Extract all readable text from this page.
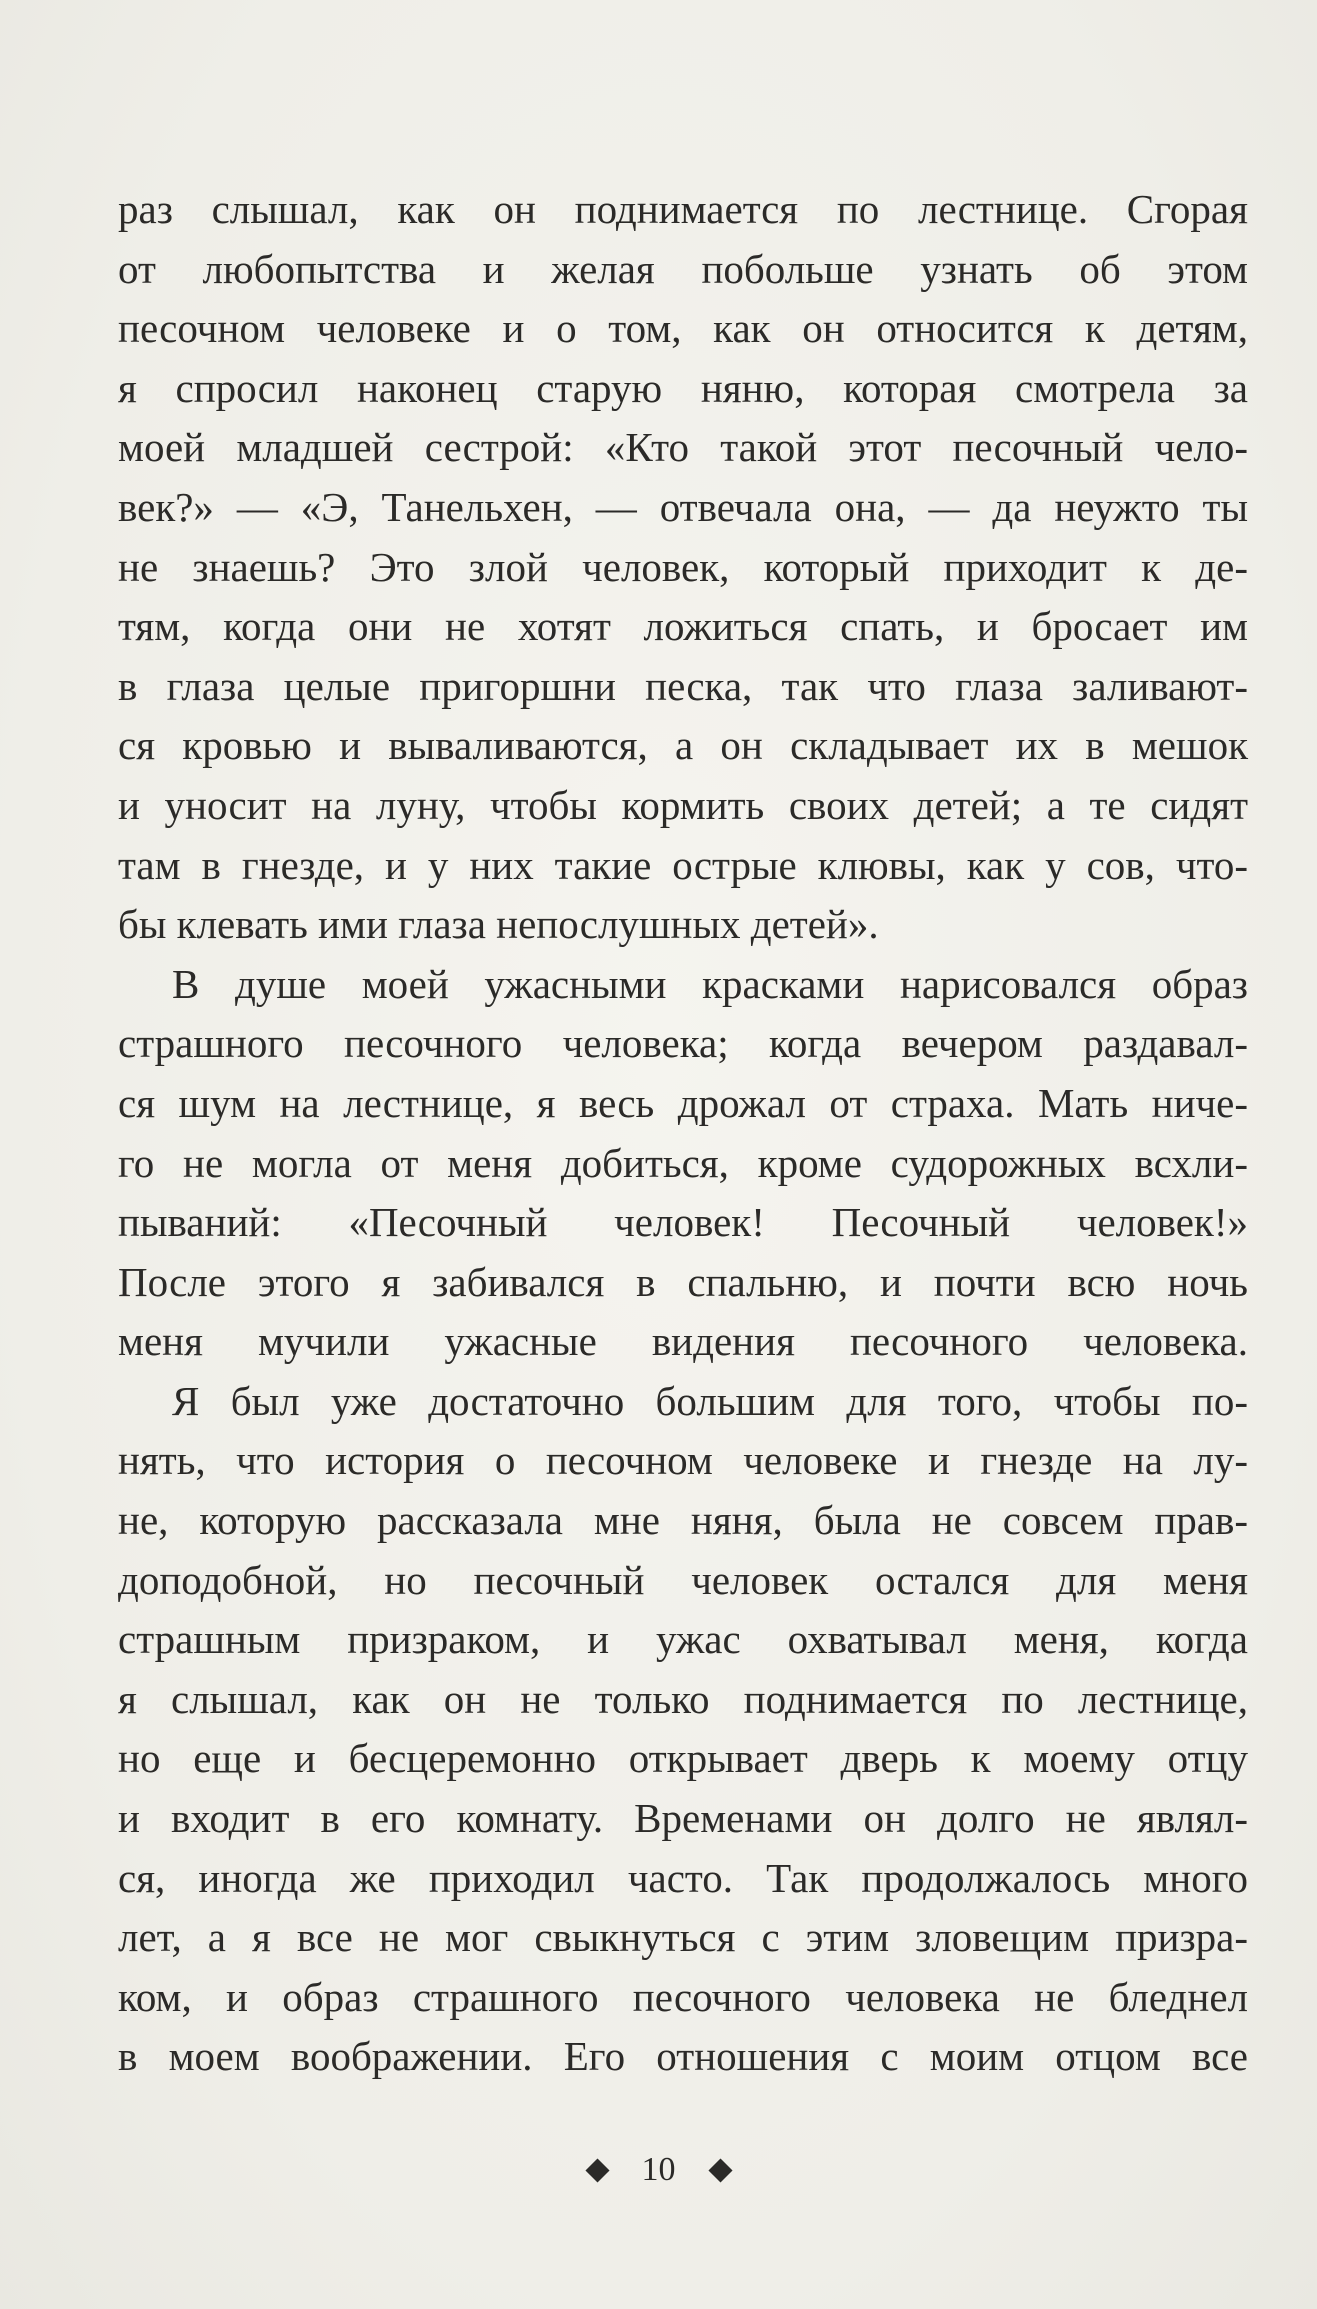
раз слышал, как он поднимается по лестнице. Сгорая
от любопытства и желая побольше узнать об этом
песочном человеке и о том, как он относится к детям,
я спросил наконец старую няню, которая смотрела за
моей младшей сестрой: «Кто такой этот песочный чело-
век?» — «Э, Танельхен, — отвечала она, — да неужто ты
не знаешь? Это злой человек, который приходит к де-
тям, когда они не хотят ложиться спать, и бросает им
в глаза целые пригоршни песка, так что глаза заливают-
ся кровью и вываливаются, а он складывает их в мешок
и уносит на луну, чтобы кормить своих детей; а те сидят
там в гнезде, и у них такие острые клювы, как у сов, что-
бы клевать ими глаза непослушных детей».
В душе моей ужасными красками нарисовался образ
страшного песочного человека; когда вечером раздавал-
ся шум на лестнице, я весь дрожал от страха. Мать ниче-
го не могла от меня добиться, кроме судорожных всхли-
пываний: «Песочный человек! Песочный человек!»
После этого я забивался в спальню, и почти всю ночь
меня мучили ужасные видения песочного человека.
Я был уже достаточно большим для того, чтобы по-
нять, что история о песочном человеке и гнезде на лу-
не, которую рассказала мне няня, была не совсем прав-
доподобной, но песочный человек остался для меня
страшным призраком, и ужас охватывал меня, когда
я слышал, как он не только поднимается по лестнице,
но еще и бесцеремонно открывает дверь к моему отцу
и входит в его комнату. Временами он долго не являл-
ся, иногда же приходил часто. Так продолжалось много
лет, а я все не мог свыкнуться с этим зловещим призра-
ком, и образ страшного песочного человека не бледнел
в моем воображении. Его отношения с моим отцом все
10
